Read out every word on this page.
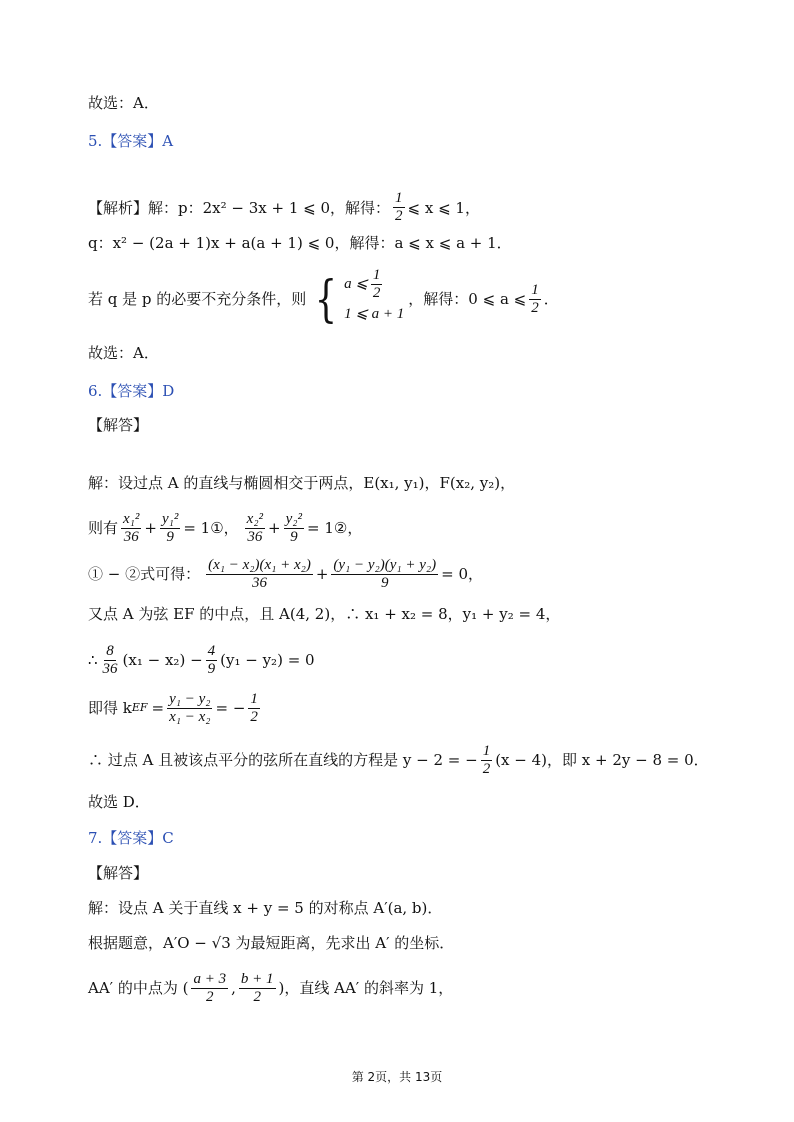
故选：A．
5.【答案】A
【解析】解：p：2x² − 3x + 1 ⩽ 0，解得： $\frac{1}{2}$ ⩽ x ⩽ 1，
q：x² − (2a + 1)x + a(a + 1) ⩽ 0，解得：a ⩽ x ⩽ a + 1．
若 q 是 p 的必要不充分条件，则 { a ⩽ $\frac{1}{2}$
1 ⩽ a + 1
，解得：0 ⩽ a ⩽ $\frac{1}{2}$ ．
故选：A．
6.【答案】D
【解答】
解：设过点 A 的直线与椭圆相交于两点，E(x₁, y₁)，F(x₂, y₂)，
则有 $\frac{\text{x₁²}}{36} + \frac{\text{y₁²}}{9}$ = 1①， $\frac{\text{x₂²}}{36} + \frac{\text{y₂²}}{9}$ = 1②，
① − ②式可得： $\frac{\text{(x₁ − x₂)(x₁ + x₂)}}{36} + \frac{\text{(y₁ − y₂)(y₁ + y₂)}}{9} = 0$，
又点 A 为弦 EF 的中点，且 A(4, 2)，∴ x₁ + x₂ = 8，y₁ + y₂ = 4，
∴ $\frac{8}{36} (x_1 - x_2) - \frac{4}{9} (y_1 - y_2) = 0$
即得 k EF = $\frac{\text{y₁ − y₂}}{\text{x₁ − x₂}}$ = − $\frac{1}{2}$
∴ 过点 A 且被该点平分的弦所在直线的方程是 y − 2 = − $\frac{1}{2} (x - 4)$，即 x + 2y − 8 = 0．
故选 D．
7.【答案】C
【解答】
解：设点 A 关于直线 x + y = 5 的对称点 A′(a, b)．
根据题意，A′O − √3 为最短距离，先求出 A′ 的坐标．
AA′ 的中点为 ( $\frac{a + 3}{2}$ , $\frac{b + 1}{2}$ ) ，直线 AA′ 的斜率为 1，
第 2页，共 13页
